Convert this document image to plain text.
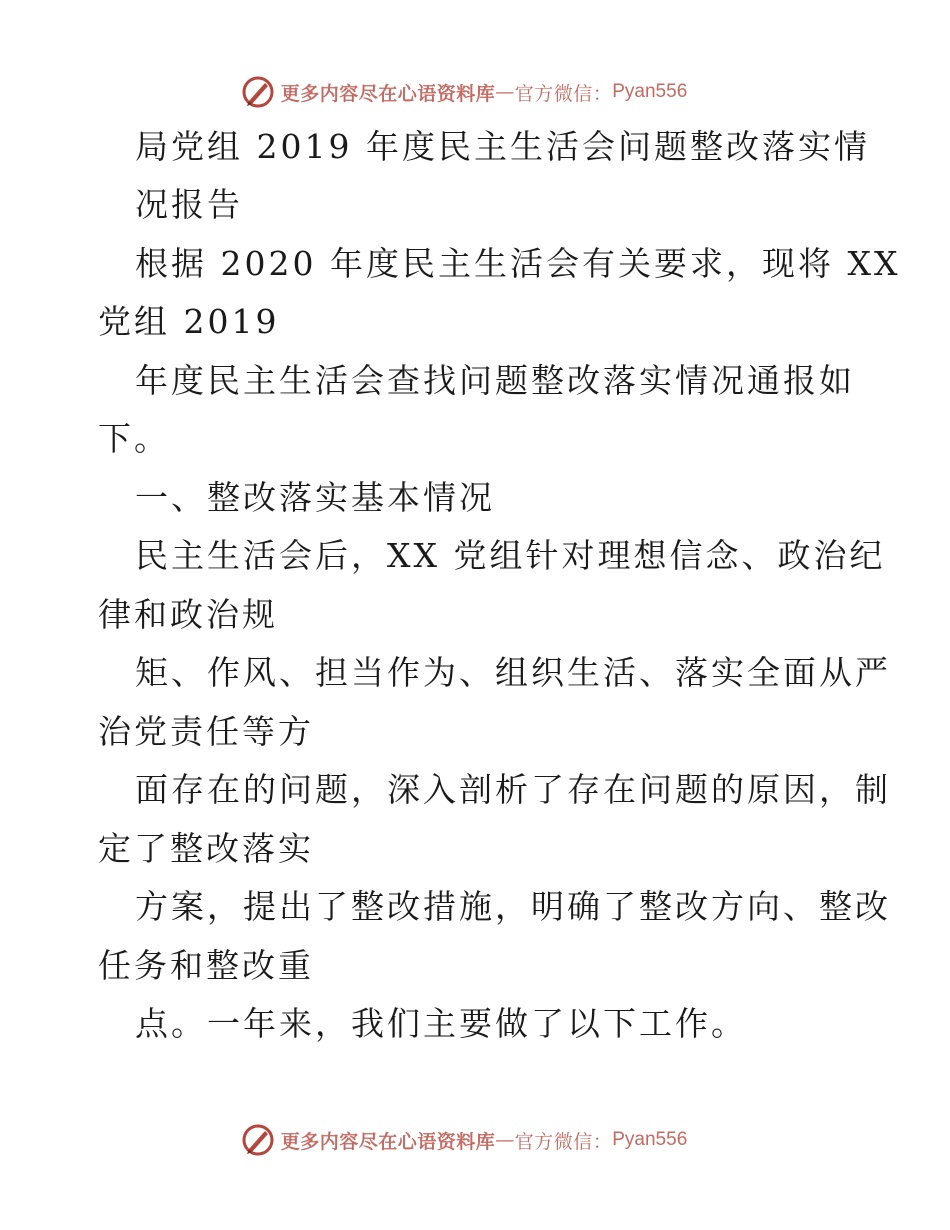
更多内容尽在心语资料库 — 官方微信： Pyan556
局党组 2019 年度民主生活会问题整改落实情
况报告
根据 2020 年度民主生活会有关要求，现将 XX
党组 2019
年度民主生活会查找问题整改落实情况通报如
下。
一、整改落实基本情况
民主生活会后，XX 党组针对理想信念、政治纪
律和政治规
矩、作风、担当作为、组织生活、落实全面从严
治党责任等方
面存在的问题，深入剖析了存在问题的原因，制
定了整改落实
方案，提出了整改措施，明确了整改方向、整改
任务和整改重
点。一年来，我们主要做了以下工作。
更多内容尽在心语资料库 — 官方微信： Pyan556
